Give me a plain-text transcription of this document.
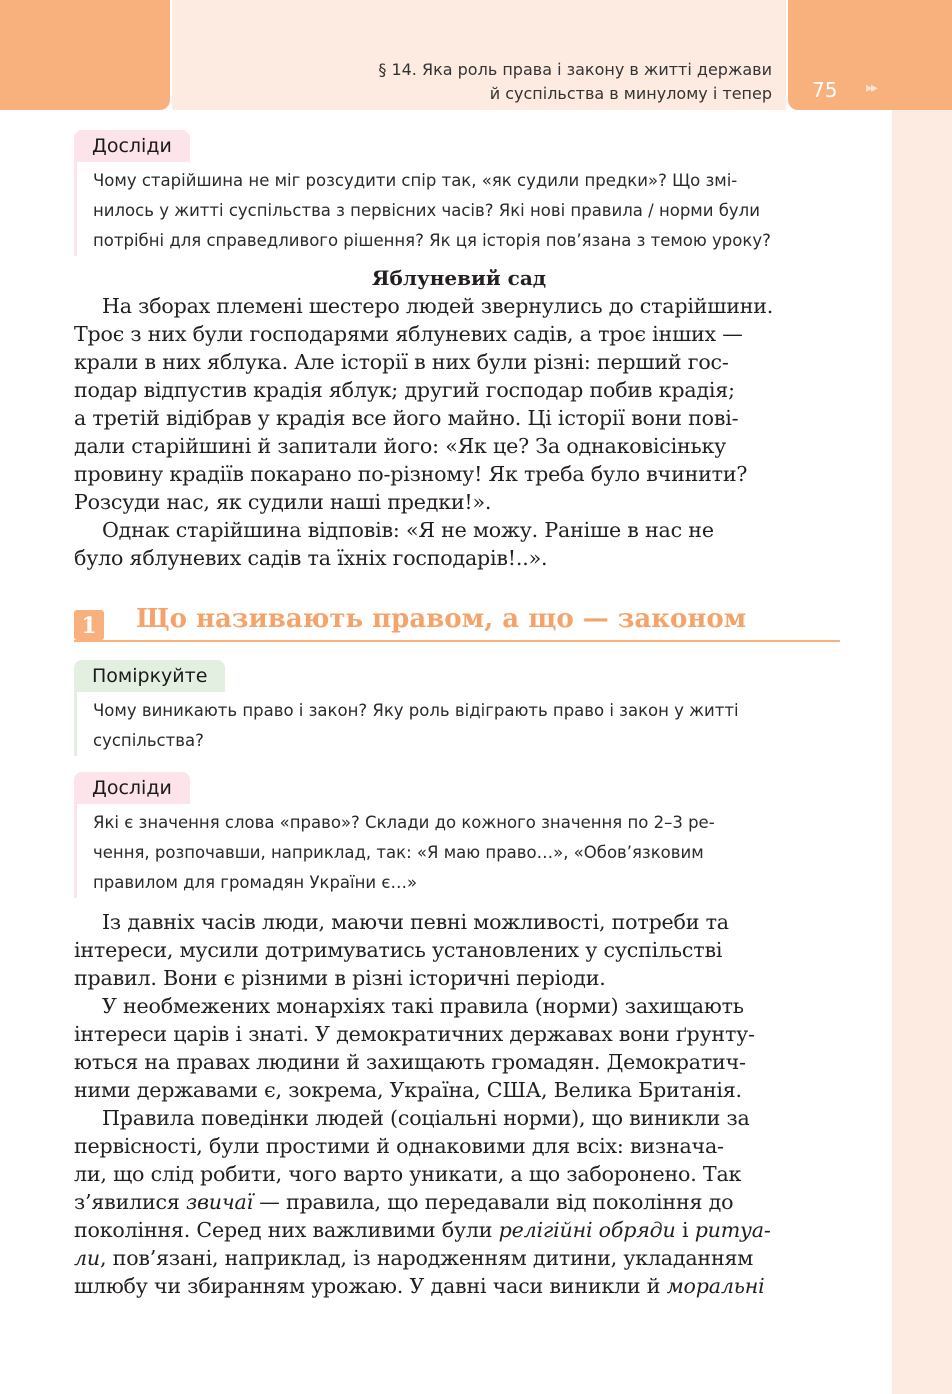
§ 14. Яка роль права і закону в житті держави
й суспільства в минулому і тепер 75 ▸▸
Досліди

Чому старійшина не міг розсудити спір так, «як судили предки»? Що змі-

нилось у житті суспільства з первісних часів? Які нові правила / норми були

потрібні для справедливого рішення? Як ця історія пов’язана з темою уроку?

Яблуневий сад

На зборах племені шестеро людей звернулись до старійшини.

Троє з них були господарями яблуневих садів, а троє інших —

крали в них яблука. Але історії в них були різні: перший гос-

подар відпустив крадія яблук; другий господар побив крадія;

а третій відібрав у крадія все його майно. Ці історії вони пові-

дали старійшині й запитали його: «Як це? За однаковісіньку

провину крадіїв покарано по-різному! Як треба було вчинити?

Розсуди нас, як судили наші предки!».

Однак старійшина відповів: «Я не можу. Раніше в нас не

було яблуневих садів та їхніх господарів!..».

1 Що називають правом, а що — законом
Поміркуйте

Чому виникають право і закон? Яку роль відіграють право і закон у житті

суспільства?

Досліди

Які є значення слова «право»? Склади до кожного значення по 2–3 ре-

чення, розпочавши, наприклад, так: «Я маю право…», «Обов’язковим

правилом для громадян України є…»

Із давніх часів люди, маючи певні можливості, потреби та

інтереси, мусили дотримуватись установлених у суспільстві

правил. Вони є різними в різні історичні періоди.

У необмежених монархіях такі правила (норми) захищають

інтереси царів і знаті. У демократичних державах вони ґрунту-

ються на правах людини й захищають громадян. Демократич-

ними державами є, зокрема, Україна, США, Велика Британія.

Правила поведінки людей (соціальні норми), що виникли за

первісності, були простими й однаковими для всіх: визнача-

ли, що слід робити, чого варто уникати, а що заборонено. Так

з’явилися звичаї — правила, що передавали від покоління до

покоління. Серед них важливими були релігійні обряди і ритуа-

ли, пов’язані, наприклад, із народженням дитини, укладанням

шлюбу чи збиранням урожаю. У давні часи виникли й моральні
